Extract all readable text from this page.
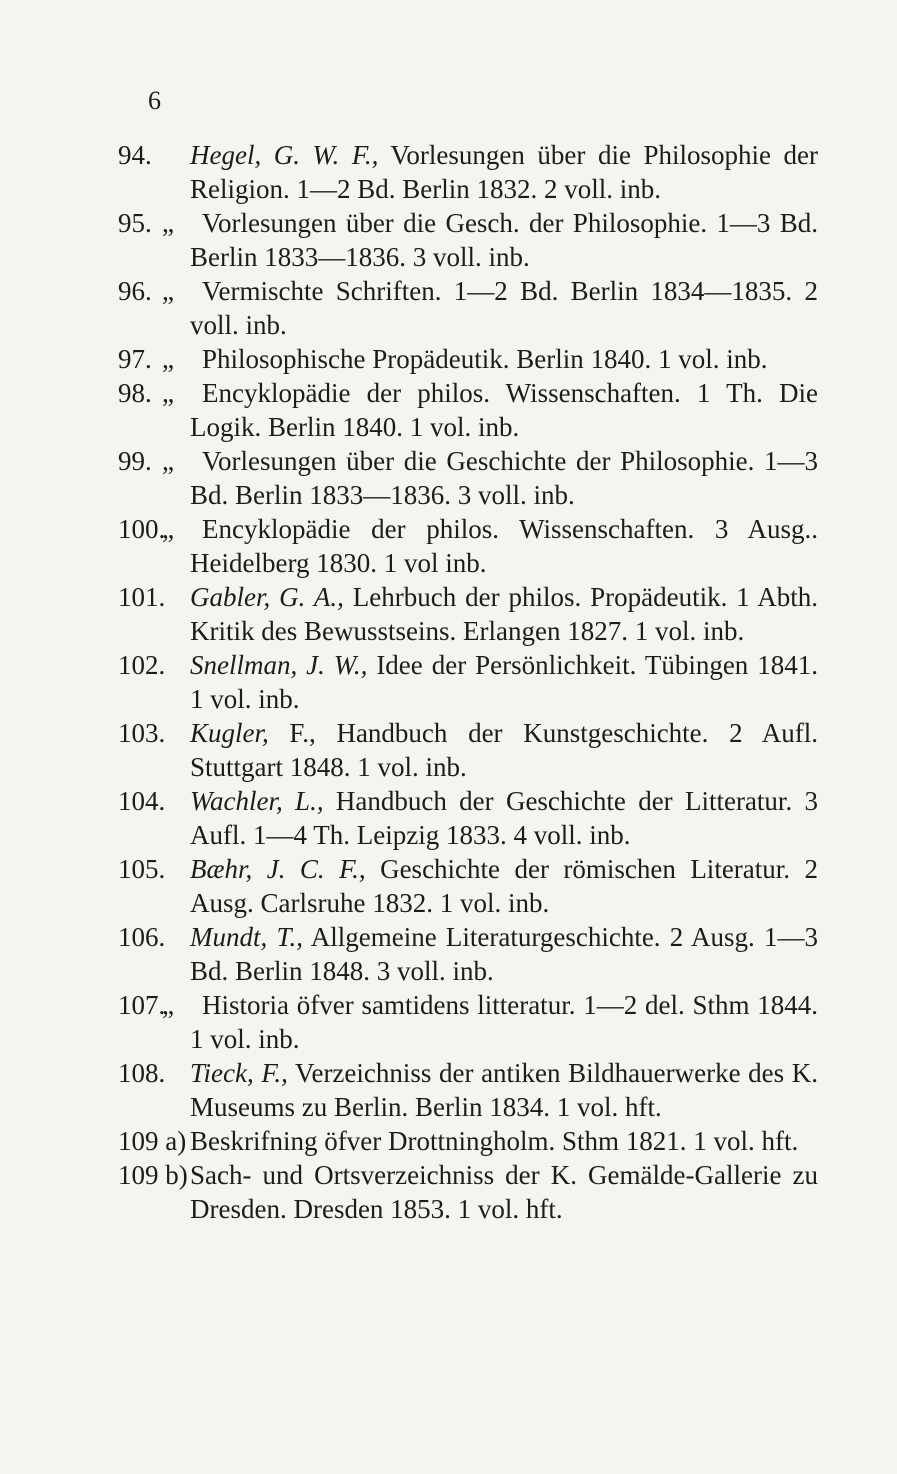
6
94. Hegel, G. W. F., Vorlesungen über die Philosophie der Religion. 1—2 Bd. Berlin 1832. 2 voll. inb.
95. „ Vorlesungen über die Gesch. der Philosophie. 1—3 Bd. Berlin 1833—1836. 3 voll. inb.
96. „ Vermischte Schriften. 1—2 Bd. Berlin 1834—1835. 2 voll. inb.
97. „ Philosophische Propädeutik. Berlin 1840. 1 vol. inb.
98. „ Encyklopädie der philos. Wissenschaften. 1 Th. Die Logik. Berlin 1840. 1 vol. inb.
99. „ Vorlesungen über die Geschichte der Philosophie. 1—3 Bd. Berlin 1833—1836. 3 voll. inb.
100.
„ Encyklopädie der philos. Wissenschaften. 3 Ausg.. Heidelberg 1830. 1 vol inb.
101. Gabler, G. A., Lehrbuch der philos. Propädeutik. 1 Abth. Kritik des Bewusstseins. Erlangen 1827. 1 vol. inb.
102. Snellman, J. W., Idee der Persönlichkeit. Tübingen 1841. 1 vol. inb.
103. Kugler, F., Handbuch der Kunstgeschichte. 2 Aufl. Stuttgart 1848. 1 vol. inb.
104. Wachler, L., Handbuch der Geschichte der Litteratur. 3 Aufl. 1—4 Th. Leipzig 1833. 4 voll. inb.
105. Bæhr, J. C. F., Geschichte der römischen Literatur. 2 Ausg. Carlsruhe 1832. 1 vol. inb.
106. Mundt, T., Allgemeine Literaturgeschichte. 2 Ausg. 1—3 Bd. Berlin 1848. 3 voll. inb.
107.
„ Historia öfver samtidens litteratur. 1—2 del. Sthm 1844. 1 vol. inb.
108. Tieck, F., Verzeichniss der antiken Bildhauerwerke des K. Museums zu Berlin. Berlin 1834. 1 vol. hft.
109 a) Beskrifning öfver Drottningholm. Sthm 1821. 1 vol. hft.
109 b) Sach- und Ortsverzeichniss der K. Gemälde-Gallerie zu Dresden. Dresden 1853. 1 vol. hft.
